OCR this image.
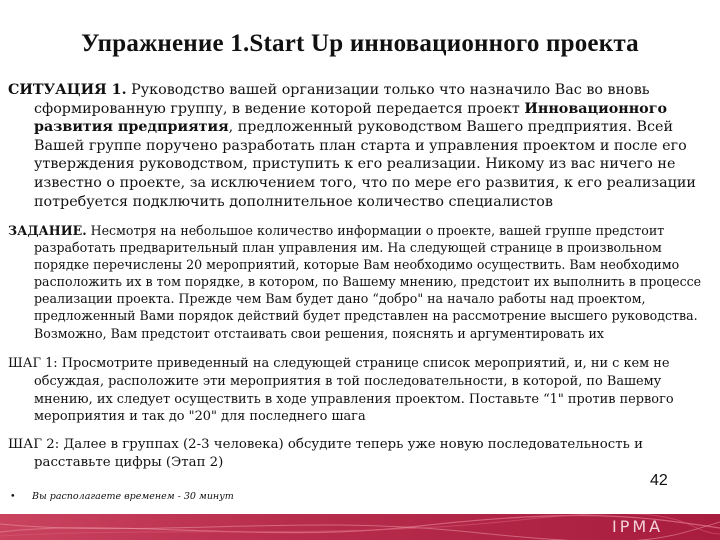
Упражнение 1.Start Up инновационного проекта

СИТУАЦИЯ 1. Руководство вашей организации только что назначило Вас во вновь сформированную группу, в ведение которой передается проект Инновационного развития предприятия, предложенный руководством Вашего предприятия. Всей Вашей группе поручено разработать план старта и управления проектом и после его утверждения руководством, приступить к его реализации. Никому из вас ничего не известно о проекте, за исключением того, что по мере его развития, к его реализации потребуется подключить дополнительное количество специалистов

ЗАДАНИЕ. Несмотря на небольшое количество информации о проекте, вашей группе предстоит разработать предварительный план управления им. На следующей странице в произвольном порядке перечислены 20 мероприятий, которые Вам необходимо осуществить. Вам необходимо расположить их в том порядке, в котором, по Вашему мнению, предстоит их выполнить в процессе реализации проекта. Прежде чем Вам будет дано “добро" на начало работы над проектом, предложенный Вами порядок действий будет представлен на рассмотрение высшего руководства. Возможно, Вам предстоит отстаивать свои решения, пояснять и аргументировать их

ШАГ 1: Просмотрите приведенный на следующей странице список мероприятий, и, ни с кем не обсуждая, расположите эти мероприятия в той последовательности, в которой, по Вашему мнению, их следует осуществить в ходе управления проектом. Поставьте “1" против первого мероприятия и так до "20" для последнего шага

ШАГ 2: Далее в группах (2-3 человека) обсудите теперь уже новую последовательность и расставьте цифры (Этап 2)

42
• Вы располагаете временем - 30 минут
IPMA
